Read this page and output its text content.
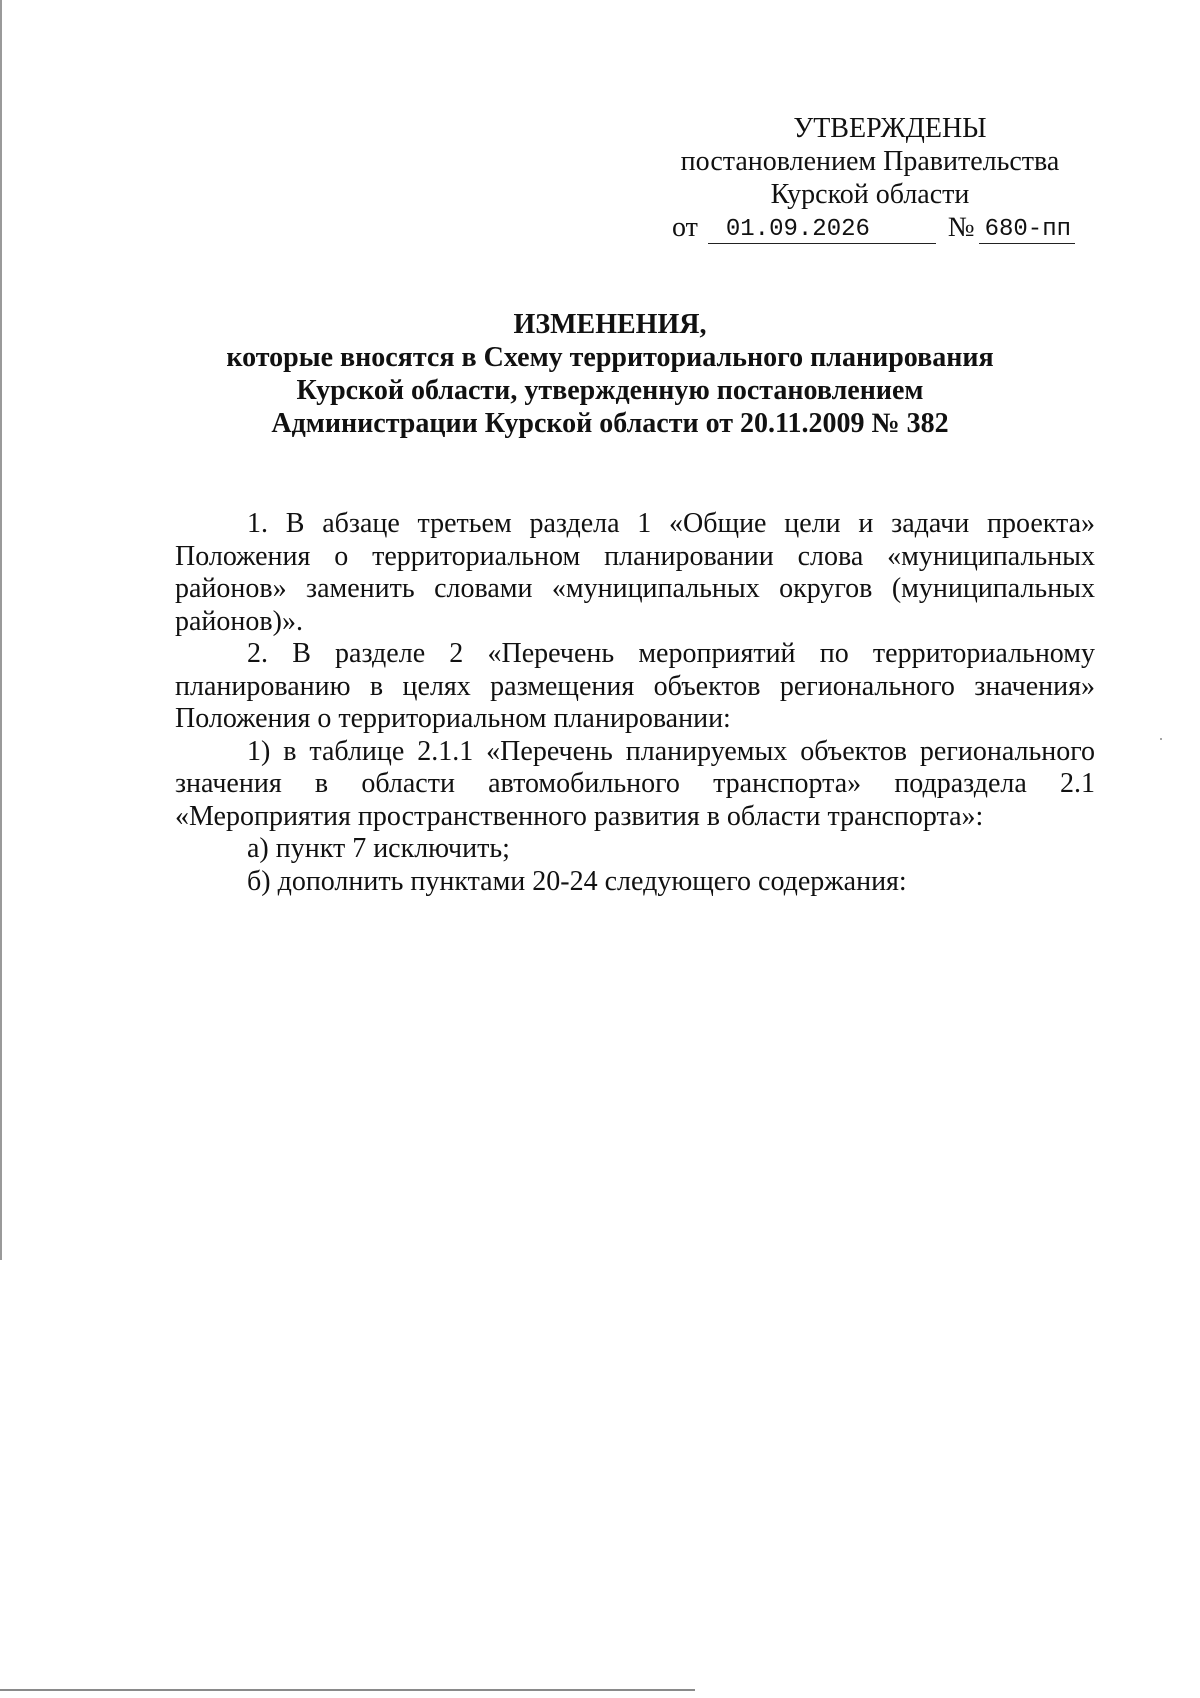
УТВЕРЖДЕНЫ
постановлением Правительства
Курской области
от	01.09.2026	№ 680-пп
ИЗМЕНЕНИЯ,
которые вносятся в Схему территориального планирования
Курской области, утвержденную постановлением
Администрации Курской области от 20.11.2009 № 382

1. В абзаце третьем раздела 1 «Общие цели и задачи проекта» Положения о территориальном планировании слова «муниципальных районов» заменить словами «муниципальных округов (муниципальных районов)».

2. В разделе 2 «Перечень мероприятий по территориальному планированию в целях размещения объектов регионального значения» Положения о территориальном планировании:

1) в таблице 2.1.1 «Перечень планируемых объектов регионального значения в области автомобильного транспорта» подраздела 2.1 «Мероприятия пространственного развития в области транспорта»:

а) пункт 7 исключить;

б) дополнить пунктами 20-24 следующего содержания:
